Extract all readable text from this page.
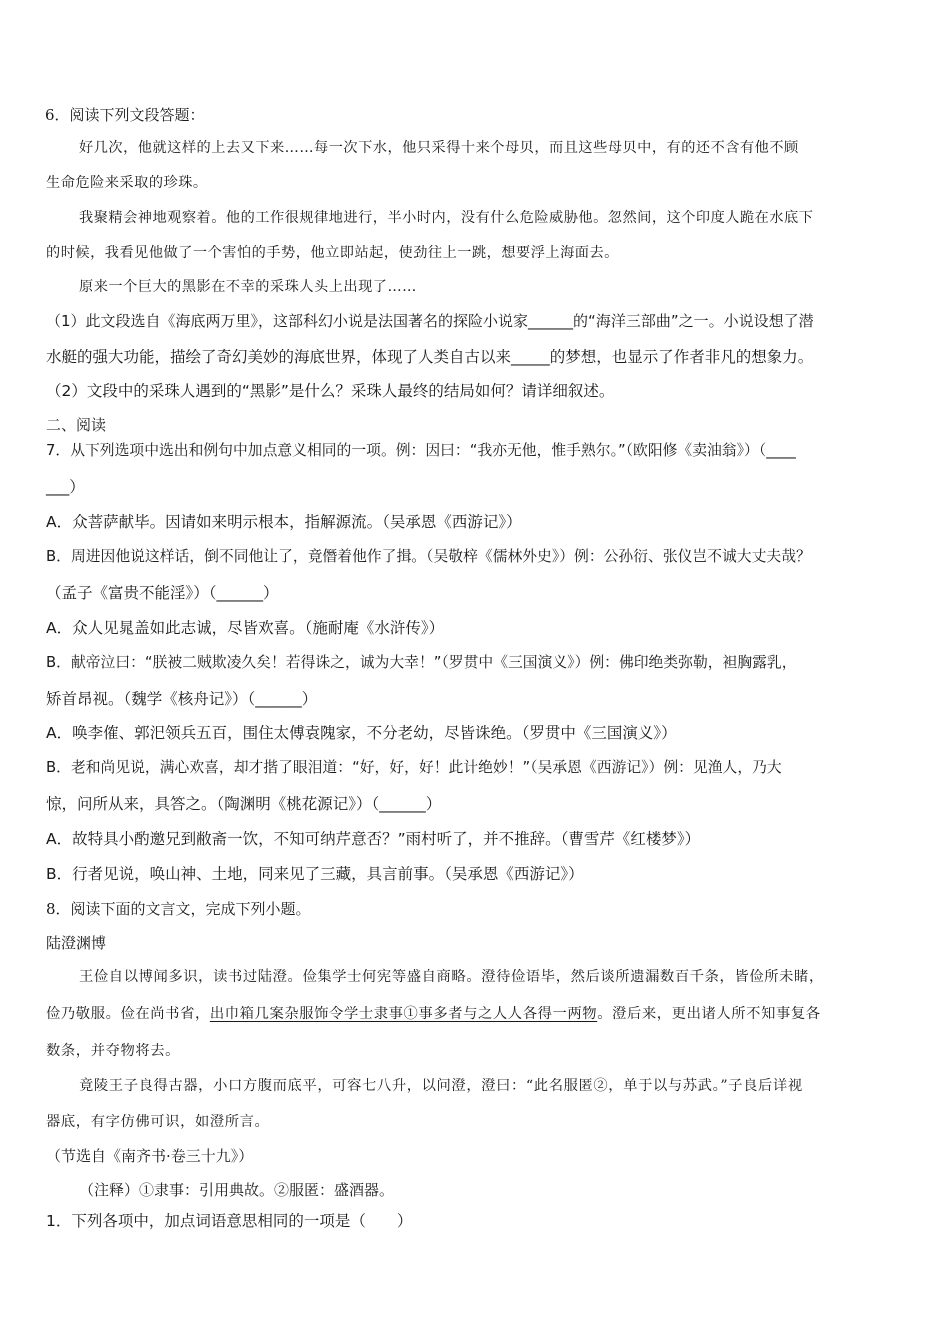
6．阅读下列文段答题：
好几次，他就这样的上去又下来……每一次下水，他只采得十来个母贝，而且这些母贝中，有的还不含有他不顾
生命危险来采取的珍珠。
我聚精会神地观察着。他的工作很规律地进行，半小时内，没有什么危险威胁他。忽然间，这个印度人跪在水底下
的时候，我看见他做了一个害怕的手势，他立即站起，使劲往上一跳，想要浮上海面去。
原来一个巨大的黑影在不幸的采珠人头上出现了……
（1）此文段选自《海底两万里》，这部科幻小说是法国著名的探险小说家______的“海洋三部曲”之一。小说设想了潜
水艇的强大功能，描绘了奇幻美妙的海底世界，体现了人类自古以来_____的梦想，也显示了作者非凡的想象力。
（2）文段中的采珠人遇到的“黑影”是什么？采珠人最终的结局如何？请详细叙述。
二、阅读
7．从下列选项中选出和例句中加点意义相同的一项。例：因曰：“我亦无他，惟手熟尔。”（欧阳修《卖油翁》）（____
___）
A．众菩萨献毕。因请如来明示根本，指解源流。（吴承恩《西游记》）
B．周进因他说这样话，倒不同他让了，竟僭着他作了揖。（吴敬梓《儒林外史》）例：公孙衍、张仪岂不诚大丈夫哉？
（孟子《富贵不能淫》）（______）
A．众人见晁盖如此志诚，尽皆欢喜。（施耐庵《水浒传》）
B．献帝泣曰：“朕被二贼欺凌久矣！若得诛之，诚为大幸！”（罗贯中《三国演义》）例：佛印绝类弥勒，袒胸露乳，
矫首昂视。（魏学《核舟记》）（______）
A．唤李傕、郭汜领兵五百，围住太傅袁隗家，不分老幼，尽皆诛绝。（罗贯中《三国演义》）
B．老和尚见说，满心欢喜，却才揩了眼泪道：“好，好，好！此计绝妙！”（吴承恩《西游记》）例：见渔人，乃大
惊，问所从来，具答之。（陶渊明《桃花源记》）（______）
A．故特具小酌邀兄到敝斋一饮，不知可纳芹意否？”雨村听了，并不推辞。（曹雪芹《红楼梦》）
B．行者见说，唤山神、土地，同来见了三藏，具言前事。（吴承恩《西游记》）
8．阅读下面的文言文，完成下列小题。
陆澄渊博
王俭自以博闻多识，读书过陆澄。俭集学士何宪等盛自商略。澄待俭语毕，然后谈所遗漏数百千条，皆俭所未睹，
俭乃敬服。俭在尚书省，出巾箱几案杂服饰令学士隶事①事多者与之人人各得一两物。澄后来，更出诸人所不知事复各
数条，并夺物将去。
竟陵王子良得古器，小口方腹而底平，可容七八升，以问澄，澄曰：“此名服匿②，单于以与苏武。”子良后详视
器底，有字仿佛可识，如澄所言。
（节选自《南齐书·卷三十九》）
（注释）①隶事：引用典故。②服匿：盛酒器。
1．下列各项中，加点词语意思相同的一项是（　　）
